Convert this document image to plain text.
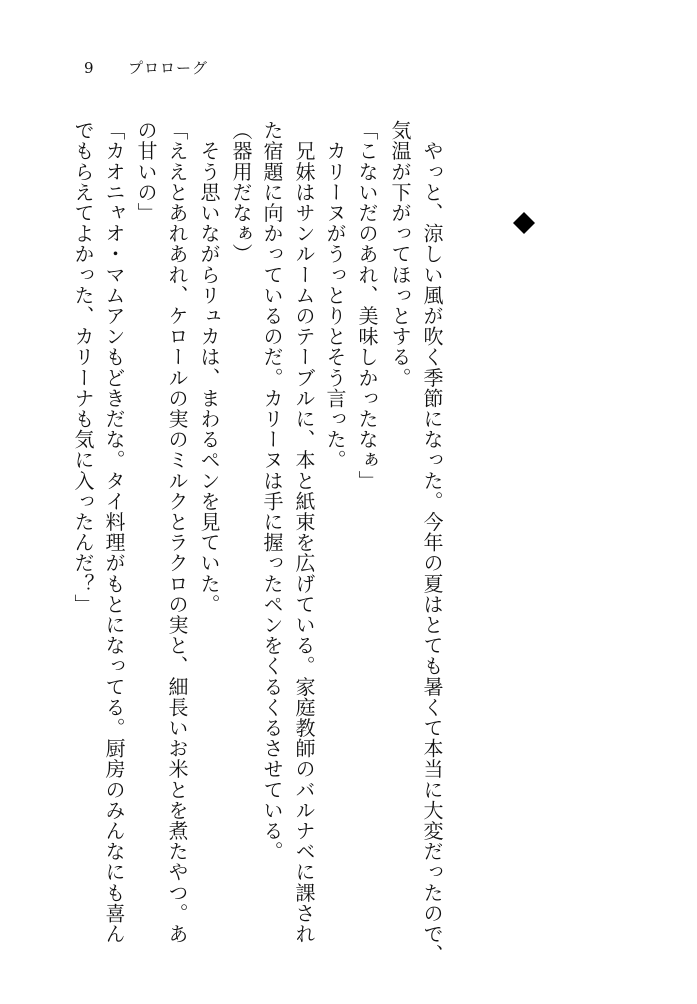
9 プロローグ
　やっと、涼しい風が吹く季節になった。今年の夏はとても暑くて本当に大変だったので、
気温が下がってほっとする。
「こないだのあれ、美味しかったなぁ」
　カリーヌがうっとりとそう言った。
　兄妹はサンルームのテーブルに、本と紙束を広げている。家庭教師のバルナベに課され
た宿題に向かっているのだ。カリーヌは手に握ったペンをくるくるさせている。
（器用だなぁ）
　そう思いながらリュカは、まわるペンを見ていた。
「ええとあれあれ、ケロールの実のミルクとラクロの実と、細長いお米とを煮たやつ。あ
の甘いの」
「カオニャオ・マムアンもどきだな。タイ料理がもとになってる。厨房のみんなにも喜ん
でもらえてよかった、カリーナも気に入ったんだ？」
